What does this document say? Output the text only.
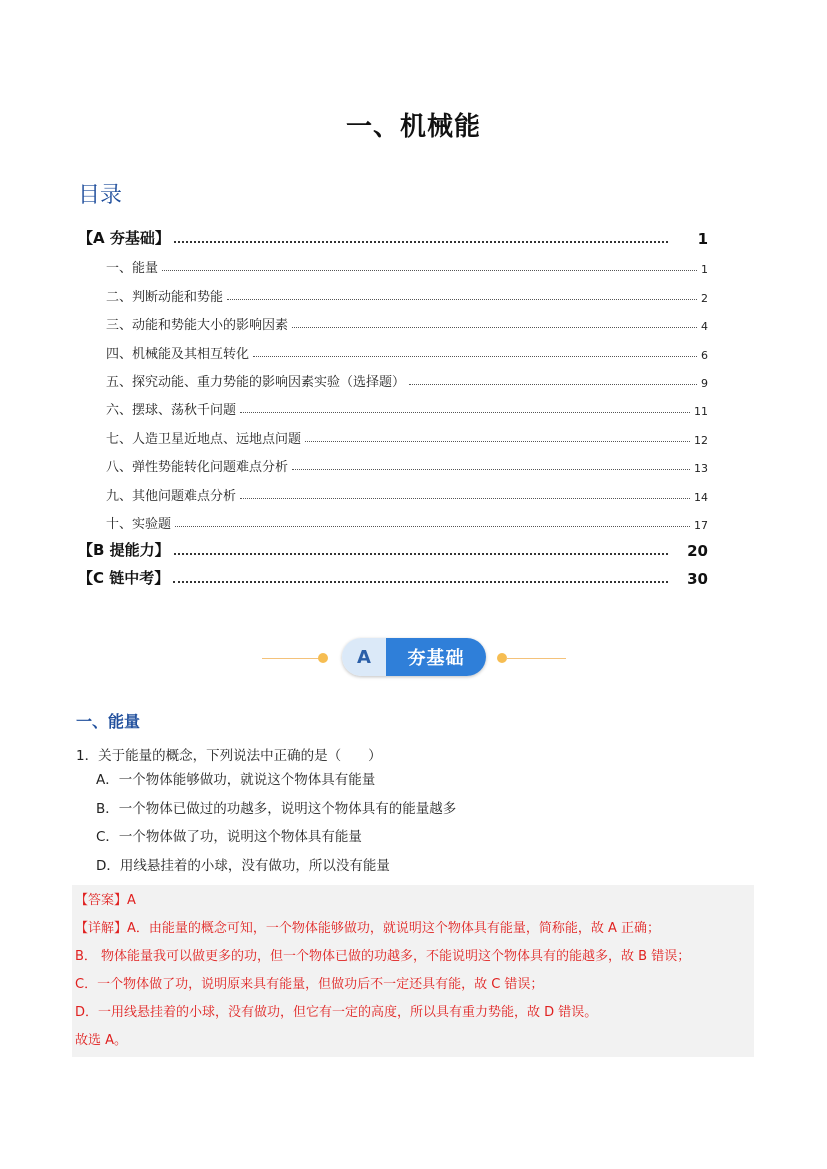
一、机械能
目录
【A 夯基础】	1
一、能量	1
二、判断动能和势能	2
三、动能和势能大小的影响因素	4
四、机械能及其相互转化	6
五、探究动能、重力势能的影响因素实验（选择题）	9
六、摆球、荡秋千问题	11
七、人造卫星近地点、远地点问题	12
八、弹性势能转化问题难点分析	13
九、其他问题难点分析	14
十、实验题	17
【B 提能力】	20
【C 链中考】	30
A	夯基础
一、能量
1．关于能量的概念，下列说法中正确的是（　　）
A．一个物体能够做功，就说这个物体具有能量
B．一个物体已做过的功越多，说明这个物体具有的能量越多
C．一个物体做了功，说明这个物体具有能量
D．用线悬挂着的小球，没有做功，所以没有能量
【答案】A
【详解】A．由能量的概念可知，一个物体能够做功，就说明这个物体具有能量，简称能，故 A 正确；
B． 物体能量我可以做更多的功，但一个物体已做的功越多，不能说明这个物体具有的能越多，故 B 错误；
C．一个物体做了功，说明原来具有能量，但做功后不一定还具有能，故 C 错误；
D．一用线悬挂着的小球，没有做功，但它有一定的高度，所以具有重力势能，故 D 错误。
故选 A。
